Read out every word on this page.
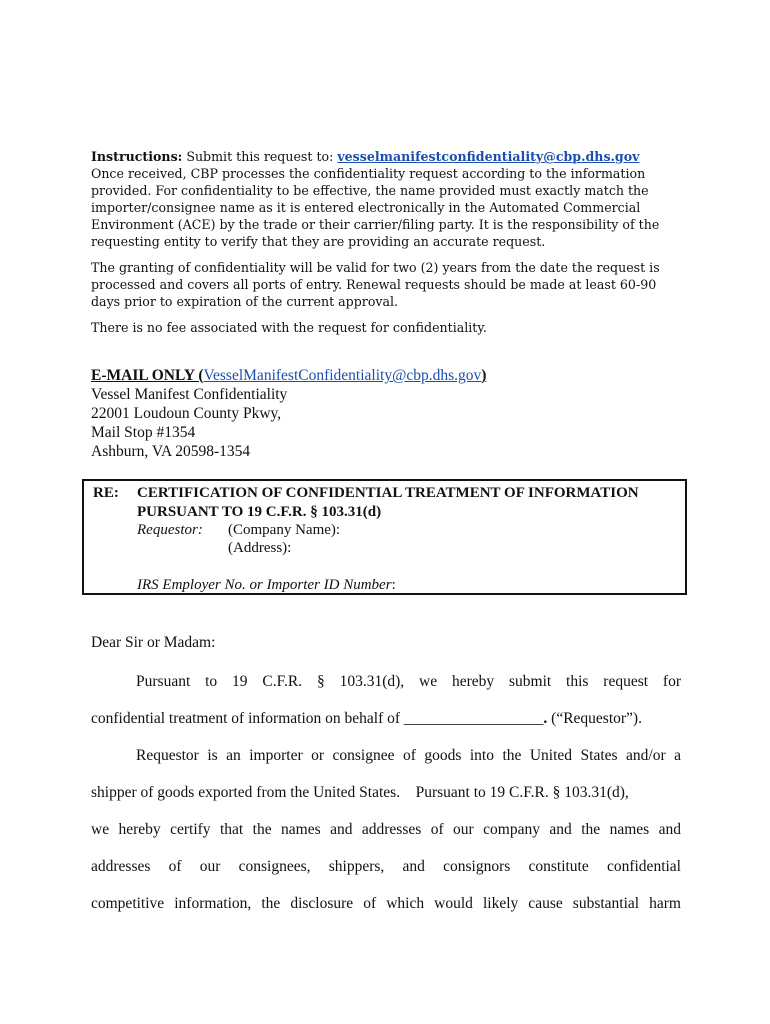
Instructions: Submit this request to: vesselmanifestconfidentiality@cbp.dhs.gov
Once received, CBP processes the confidentiality request according to the information provided. For confidentiality to be effective, the name provided must exactly match the importer/consignee name as it is entered electronically in the Automated Commercial Environment (ACE) by the trade or their carrier/filing party. It is the responsibility of the requesting entity to verify that they are providing an accurate request.

The granting of confidentiality will be valid for two (2) years from the date the request is processed and covers all ports of entry. Renewal requests should be made at least 60-90 days prior to expiration of the current approval.

There is no fee associated with the request for confidentiality.

E-MAIL ONLY (VesselManifestConfidentiality@cbp.dhs.gov)
Vessel Manifest Confidentiality
22001 Loudoun County Pkwy,
Mail Stop #1354
Ashburn, VA 20598-1354
RE: CERTIFICATION OF CONFIDENTIAL TREATMENT OF INFORMATION PURSUANT TO 19 C.F.R. § 103.31(d)
Requestor: (Company Name):
(Address):
IRS Employer No. or Importer ID Number:
Dear Sir or Madam:
Pursuant to 19 C.F.R. § 103.31(d), we hereby submit this request for
confidential treatment of information on behalf of __________________. (“Requestor”).
Requestor is an importer or consignee of goods into the United States and/or a
shipper of goods exported from the United States.    Pursuant to 19 C.F.R. § 103.31(d),
we hereby certify that the names and addresses of our company and the names and
addresses of our consignees, shippers, and consignors constitute confidential
competitive information, the disclosure of which would likely cause substantial harm
